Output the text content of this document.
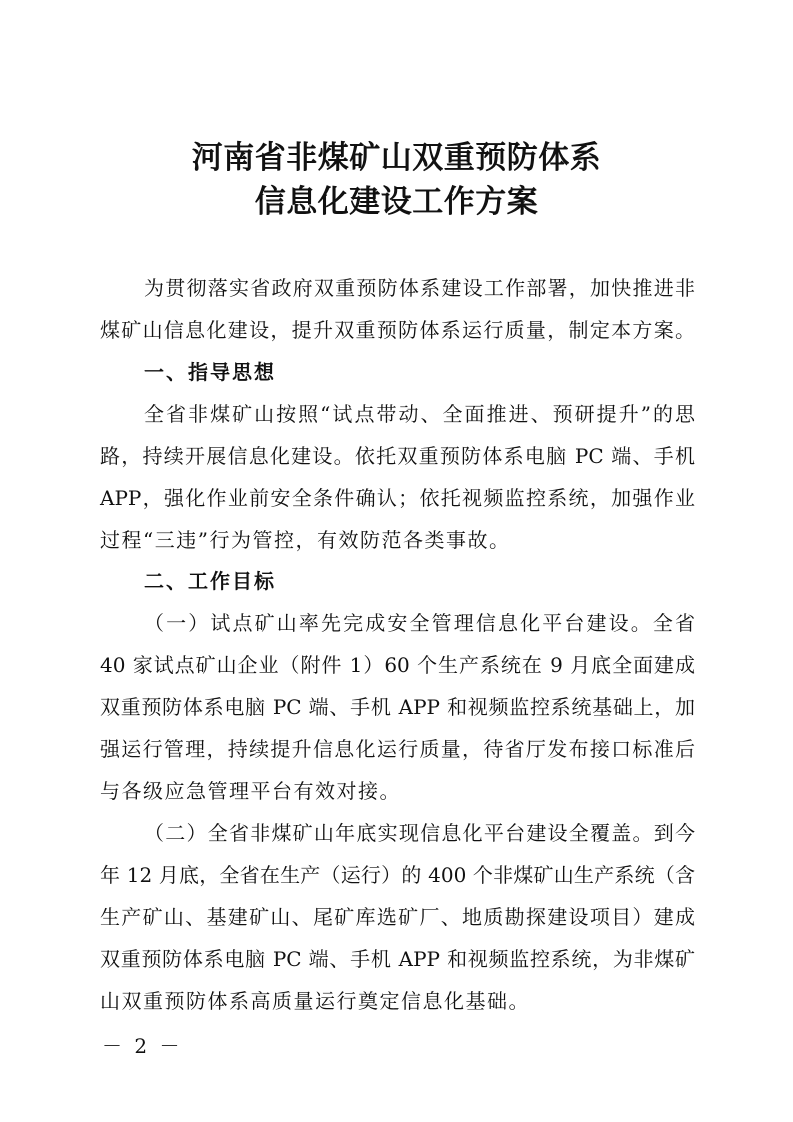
河南省非煤矿山双重预防体系
信息化建设工作方案
为贯彻落实省政府双重预防体系建设工作部署，加快推进非
煤矿山信息化建设，提升双重预防体系运行质量，制定本方案。
一、指导思想
全省非煤矿山按照“试点带动、全面推进、预研提升”的思
路，持续开展信息化建设。依托双重预防体系电脑 PC 端、手机
APP，强化作业前安全条件确认；依托视频监控系统，加强作业
过程“三违”行为管控，有效防范各类事故。
二、工作目标
（一）试点矿山率先完成安全管理信息化平台建设。全省
40 家试点矿山企业（附件 1）60 个生产系统在 9 月底全面建成
双重预防体系电脑 PC 端、手机 APP 和视频监控系统基础上，加
强运行管理，持续提升信息化运行质量，待省厅发布接口标准后
与各级应急管理平台有效对接。
（二）全省非煤矿山年底实现信息化平台建设全覆盖。到今
年 12 月底，全省在生产（运行）的 400 个非煤矿山生产系统（含
生产矿山、基建矿山、尾矿库选矿厂、地质勘探建设项目）建成
双重预防体系电脑 PC 端、手机 APP 和视频监控系统，为非煤矿
山双重预防体系高质量运行奠定信息化基础。
－ 2 －
